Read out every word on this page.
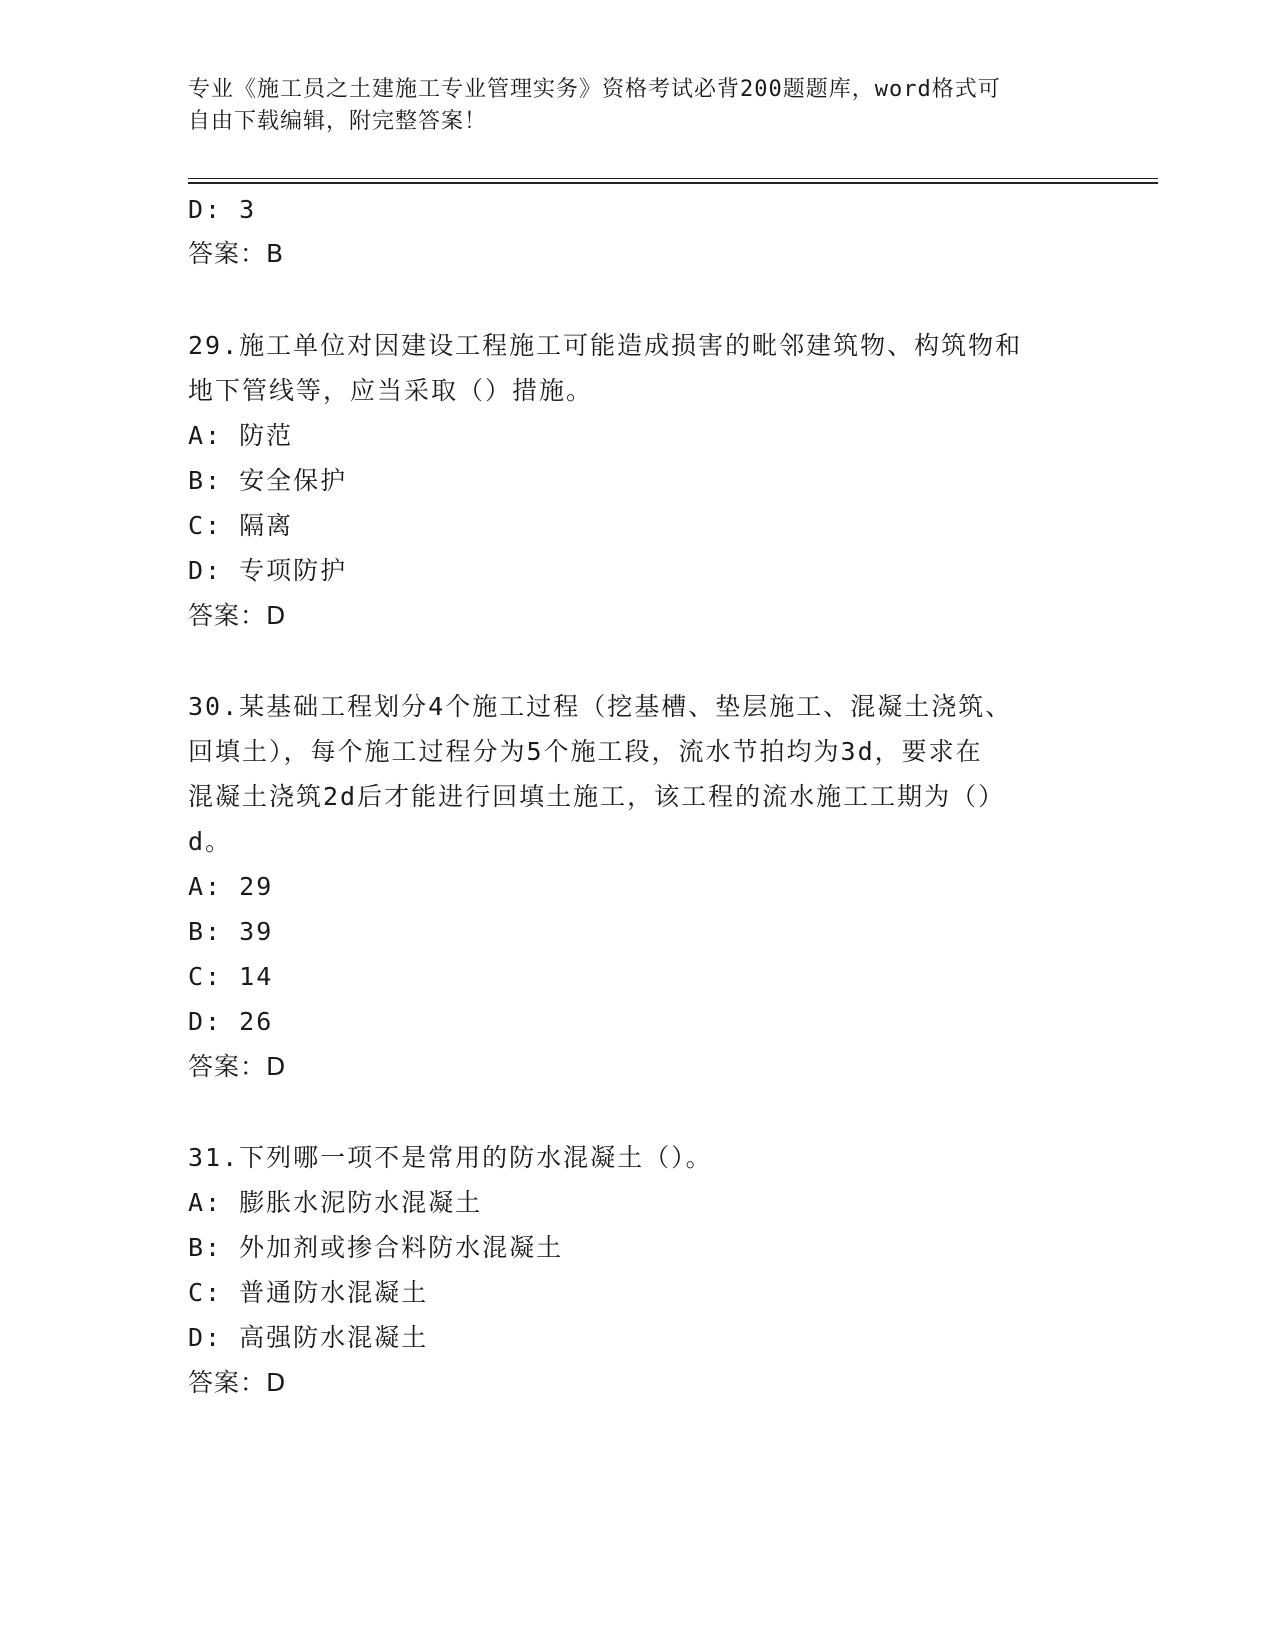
专业《施工员之土建施工专业管理实务》资格考试必背200题题库，word格式可
自由下载编辑，附完整答案！
D: 3
答案：B
29.施工单位对因建设工程施工可能造成损害的毗邻建筑物、构筑物和
地下管线等，应当采取（）措施。
A: 防范
B: 安全保护
C: 隔离
D: 专项防护
答案：D
30.某基础工程划分4个施工过程（挖基槽、垫层施工、混凝土浇筑、
回填土），每个施工过程分为5个施工段，流水节拍均为3d，要求在
混凝土浇筑2d后才能进行回填土施工，该工程的流水施工工期为（）
d。
A: 29
B: 39
C: 14
D: 26
答案：D
31.下列哪一项不是常用的防水混凝土（）。
A: 膨胀水泥防水混凝土
B: 外加剂或掺合料防水混凝土
C: 普通防水混凝土
D: 高强防水混凝土
答案：D
